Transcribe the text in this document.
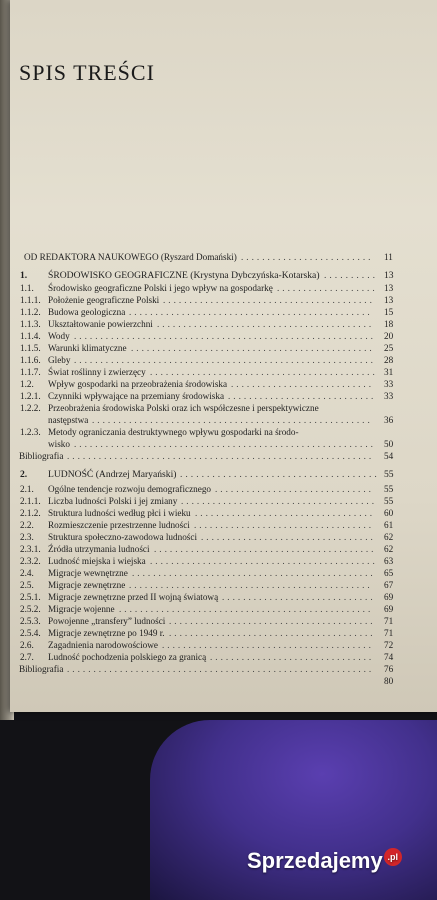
SPIS TREŚCI
OD REDAKTORA NAUKOWEGO (Ryszard Domański) ......................... 11
1. ŚRODOWISKO GEOGRAFICZNE (Krystyna Dybczyńska-Kotarska) .......... 13
1.1. Środowisko geograficzne Polski i jego wpływ na gospodarkę ................... 13
1.1.1. Położenie geograficzne Polski ........................................ 13
1.1.2. Budowa geologiczna .............................................. 15
1.1.3. Ukształtowanie powierzchni ......................................... 18
1.1.4. Wody ......................................................... 20
1.1.5. Warunki klimatyczne .............................................. 25
1.1.6. Gleby ......................................................... 28
1.1.7. Świat roślinny i zwierzęcy ........................................... 31
1.2. Wpływ gospodarki na przeobrażenia środowiska ........................... 33
1.2.1. Czynniki wpływające na przemiany środowiska ............................ 33
1.2.2. Przeobrażenia środowiska Polski oraz ich współczesne i perspektywiczne
następstwa ..................................................... 36
1.2.3. Metody ograniczania destruktywnego wpływu gospodarki na środo-
wisko ......................................................... 50
Bibliografia .......................................................... 54
2. LUDNOŚĆ (Andrzej Maryański) ..................................... 55
2.1. Ogólne tendencje rozwoju demograficznego .............................. 55
2.1.1. Liczba ludności Polski i jej zmiany ..................................... 55
2.1.2. Struktura ludności według płci i wieku .................................. 60
2.2. Rozmieszczenie przestrzenne ludności .................................. 61
2.3. Struktura społeczno-zawodowa ludności ................................. 62
2.3.1. Źródła utrzymania ludności .......................................... 62
2.3.2. Ludność miejska i wiejska ........................................... 63
2.4. Migracje wewnętrzne .............................................. 65
2.5. Migracje zewnętrzne .............................................. 67
2.5.1. Migracje zewnętrzne przed II wojną światową ............................. 69
2.5.2. Migracje wojenne ................................................ 69
2.5.3. Powojenne „transfery” ludności ....................................... 71
2.5.4. Migracje zewnętrzne po 1949 r. ....................................... 71
2.6. Zagadnienia narodowościowe ........................................ 72
2.7. Ludność pochodzenia polskiego za granicą ............................... 74
Bibliografia .......................................................... 76
80
Sprzedajemy .pl
